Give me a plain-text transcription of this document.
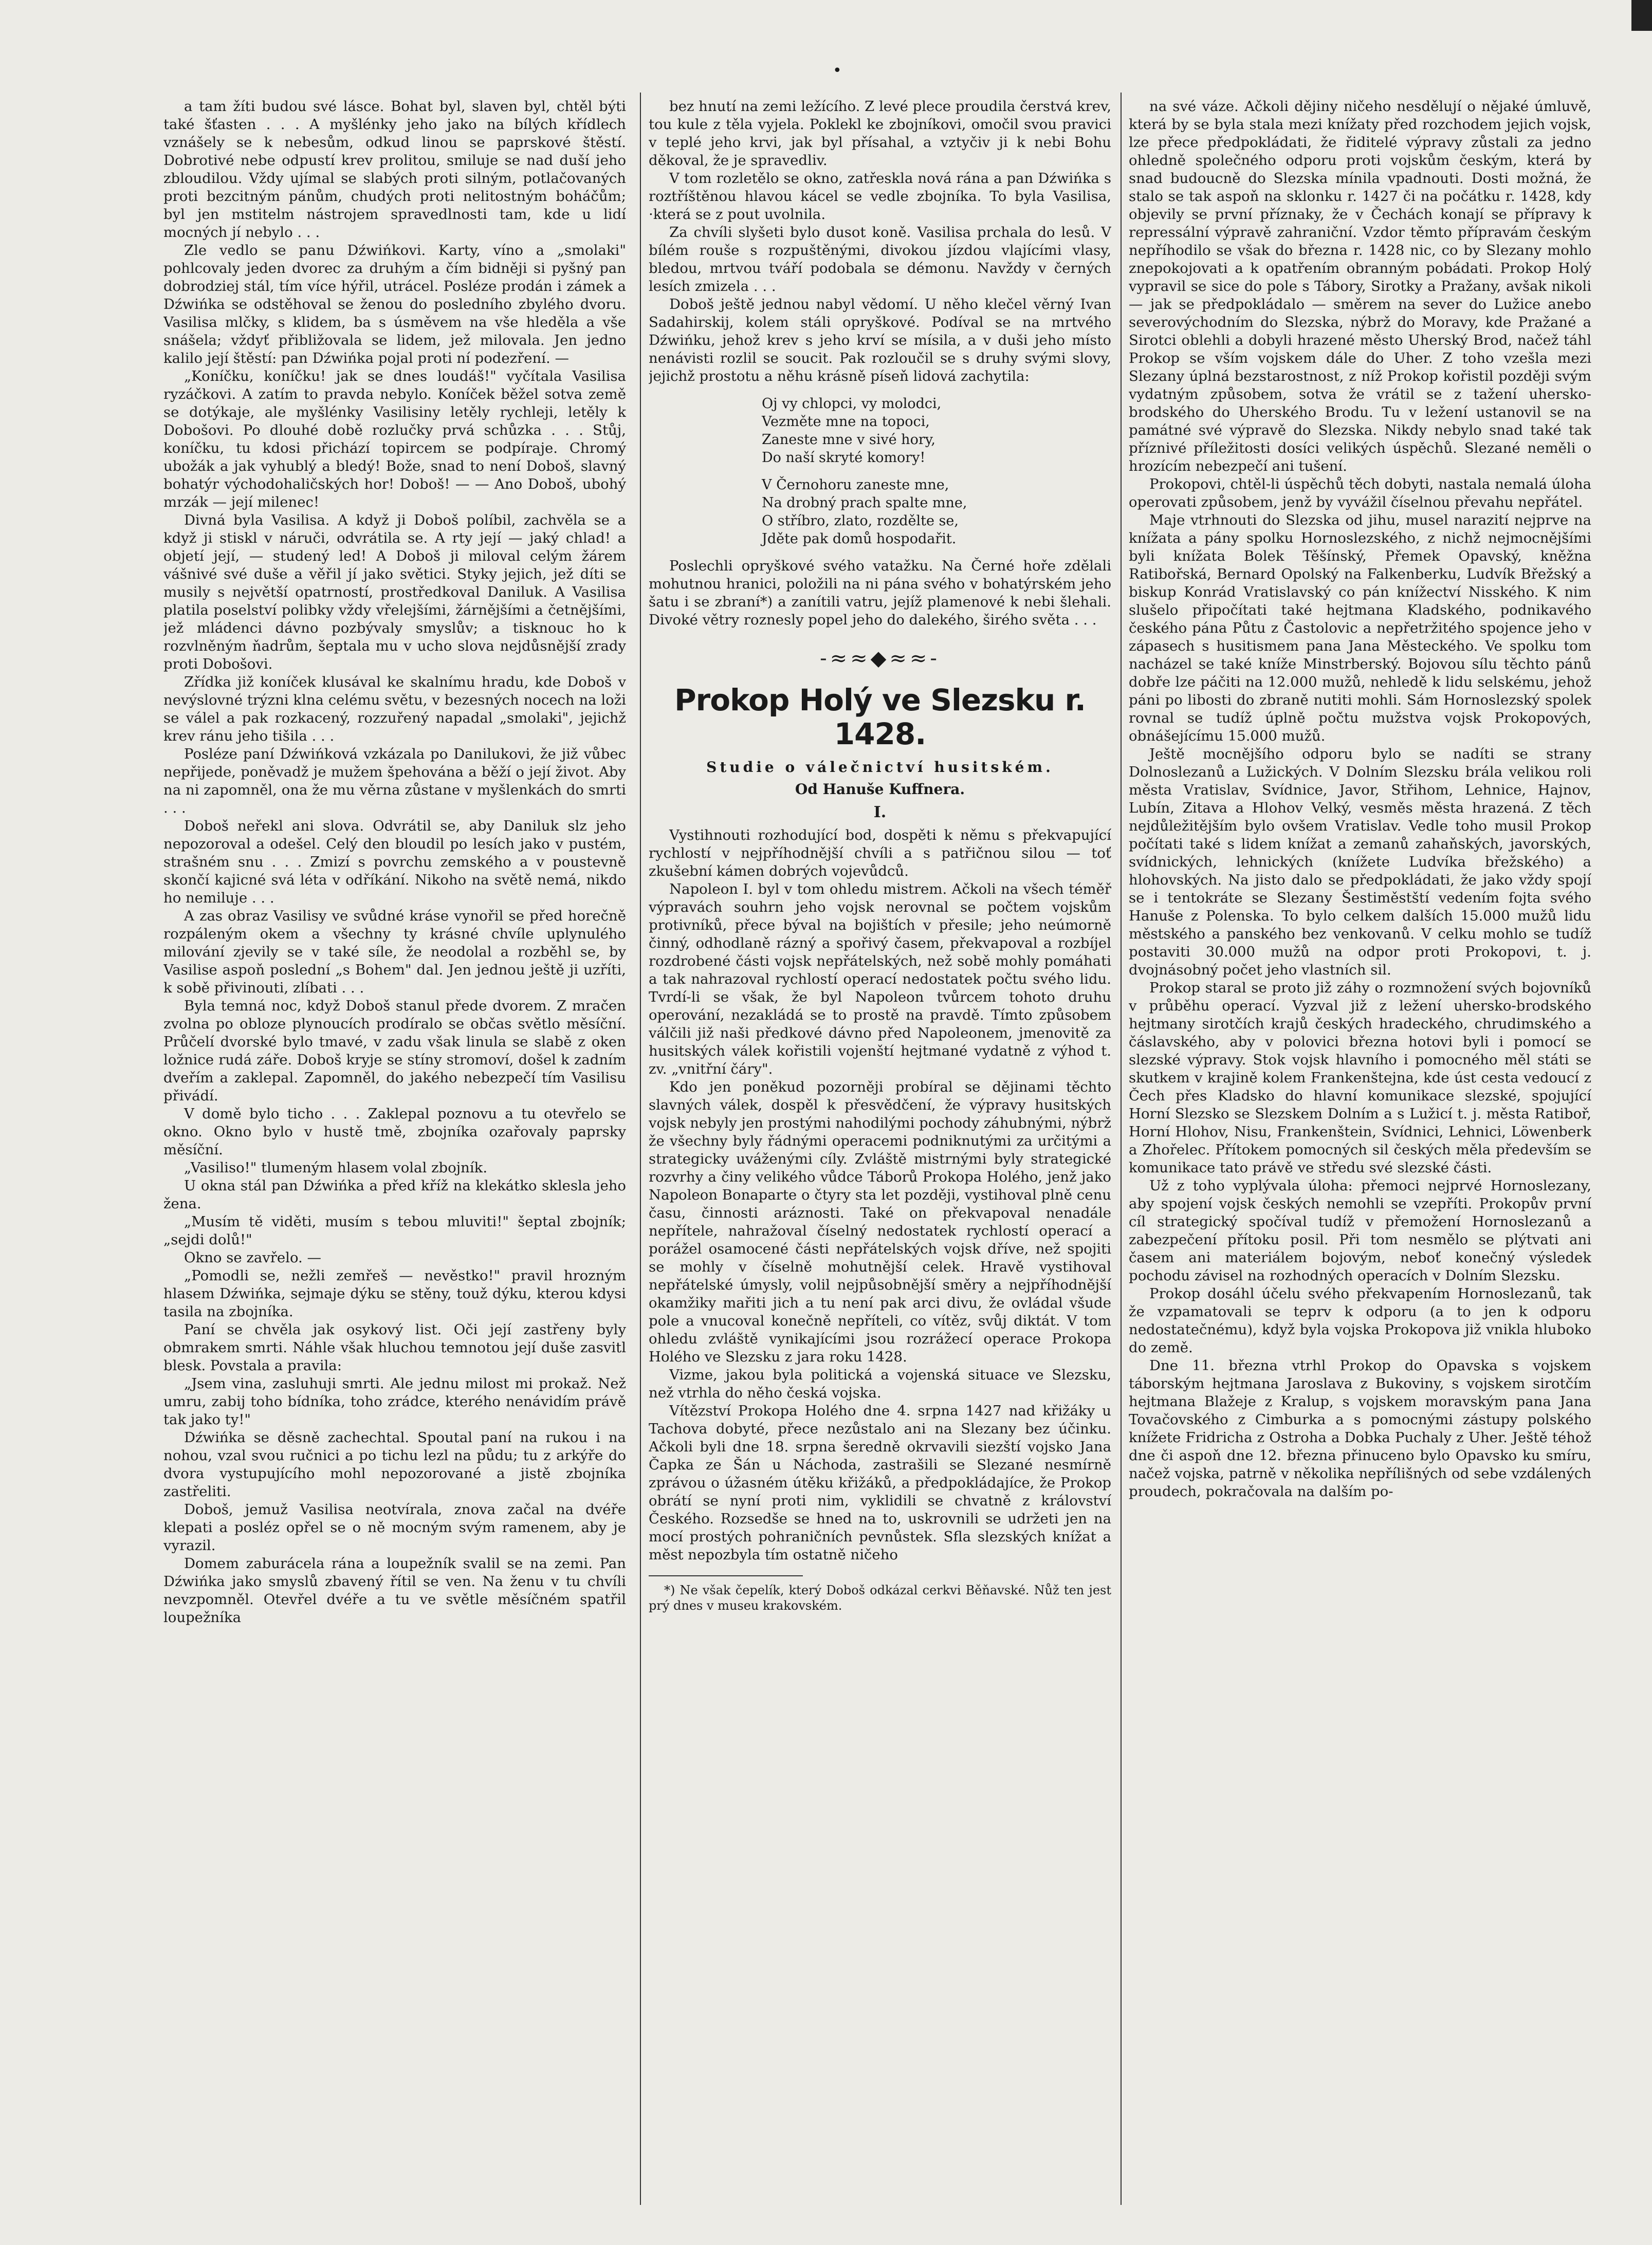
•

a tam žíti budou své lásce. Bohat byl, slaven byl, chtěl býti také šťasten . . . A myšlénky jeho jako na bílých křídlech vznášely se k nebesům, odkud linou se paprskové štěstí. Dobrotivé nebe odpustí krev prolitou, smiluje se nad duší jeho zbloudilou. Vždy ujímal se slabých proti silným, potlačovaných proti bezcitným pánům, chudých proti nelitostným boháčům; byl jen mstitelm nástrojem spravedlnosti tam, kde u lidí mocných jí nebylo . . .

Zle vedlo se panu Dźwińkovi. Karty, víno a „smolaki" pohlcovaly jeden dvorec za druhým a čím bidněji si pyšný pan dobrodziej stál, tím více hýřil, utrácel. Posléze prodán i zámek a Dźwińka se odstěhoval se ženou do posledního zbylého dvoru. Vasilisa mlčky, s klidem, ba s úsměvem na vše hleděla a vše snášela; vždyť přibližovala se lidem, jež milovala. Jen jedno kalilo její štěstí: pan Dźwińka pojal proti ní podezření. —

„Koníčku, koníčku! jak se dnes loudáš!" vyčítala Vasilisa ryzáčkovi. A zatím to pravda nebylo. Koníček běžel sotva země se dotýkaje, ale myšlénky Vasilisiny letěly rychleji, letěly k Dobošovi. Po dlouhé době rozlučky prvá schůzka . . . Stůj, koníčku, tu kdosi přichází topircem se podpíraje. Chromý ubožák a jak vyhublý a bledý! Bože, snad to není Doboš, slavný bohatýr východohaličských hor! Doboš! — — Ano Doboš, ubohý mrzák — její milenec!

Divná byla Vasilisa. A když ji Doboš políbil, zachvěla se a když ji stiskl v náruči, odvrátila se. A rty její — jaký chlad! a objetí její, — studený led! A Doboš ji miloval celým žárem vášnivé své duše a věřil jí jako světici. Styky jejich, jež díti se musily s největší opatrností, prostředkoval Daniluk. A Vasilisa platila poselství polibky vždy vřelejšími, žárnějšími a četnějšími, jež mládenci dávno pozbývaly smyslův; a tisknouc ho k rozvlněným ňadrům, šeptala mu v ucho slova nejdůsnější zrady proti Dobošovi.

Zřídka již koníček klusával ke skalnímu hradu, kde Doboš v nevýslovné trýzni klna celému světu, v bezesných nocech na loži se válel a pak rozkacený, rozzuřený napadal „smolaki", jejichž krev ránu jeho tišila . . .

Posléze paní Dźwińková vzkázala po Danilukovi, že již vůbec nepřijede, poněvadž je mužem špehována a běží o její život. Aby na ni zapomněl, ona že mu věrna zůstane v myšlenkách do smrti . . .

Doboš neřekl ani slova. Odvrátil se, aby Daniluk slz jeho nepozoroval a odešel. Celý den bloudil po lesích jako v pustém, strašném snu . . . Zmizí s povrchu zemského a v poustevně skončí kajicné svá léta v odříkání. Nikoho na světě nemá, nikdo ho nemiluje . . .

A zas obraz Vasilisy ve svůdné kráse vynořil se před horečně rozpáleným okem a všechny ty krásné chvíle uplynulého milování zjevily se v také síle, že neodolal a rozběhl se, by Vasilise aspoň poslední „s Bohem" dal. Jen jednou ještě ji uzříti, k sobě přivinouti, zlíbati . . .

Byla temná noc, když Doboš stanul přede dvorem. Z mračen zvolna po obloze plynoucích prodíralo se občas světlo měsíční. Průčelí dvorské bylo tmavé, v zadu však linula se slabě z oken ložnice rudá záře. Doboš kryje se stíny stromoví, došel k zadním dveřím a zaklepal. Zapomněl, do jakého nebezpečí tím Vasilisu přivádí.

V domě bylo ticho . . . Zaklepal poznovu a tu otevřelo se okno. Okno bylo v hustě tmě, zbojníka ozařovaly paprsky měsíční.

„Vasiliso!" tlumeným hlasem volal zbojník.

U okna stál pan Dźwińka a před kříž na klekátko sklesla jeho žena.

„Musím tě viděti, musím s tebou mluviti!" šeptal zbojník; „sejdi dolů!"

Okno se zavřelo. —

„Pomodli se, nežli zemřeš — nevěstko!" pravil hrozným hlasem Dźwińka, sejmaje dýku se stěny, touž dýku, kterou kdysi tasila na zbojníka.

Paní se chvěla jak osykový list. Oči její zastřeny byly obmrakem smrti. Náhle však hluchou temnotou její duše zasvitl blesk. Povstala a pravila:

„Jsem vina, zasluhuji smrti. Ale jednu milost mi prokaž. Než umru, zabij toho bídníka, toho zrádce, kterého nenávidím právě tak jako ty!"

Dźwińka se děsně zachechtal. Spoutal paní na rukou i na nohou, vzal svou ručnici a po tichu lezl na půdu; tu z arkýře do dvora vystupujícího mohl nepozorované a jistě zbojníka zastřeliti.

Doboš, jemuž Vasilisa neotvírala, znova začal na dvéře klepati a posléz opřel se o ně mocným svým ramenem, aby je vyrazil.

Domem zaburácela rána a loupežník svalil se na zemi. Pan Dźwińka jako smyslů zbavený řítil se ven. Na ženu v tu chvíli nevzpomněl. Otevřel dvéře a tu ve světle měsíčném spatřil loupežníka

bez hnutí na zemi ležícího. Z levé plece proudila čerstvá krev, tou kule z těla vyjela. Poklekl ke zbojníkovi, omočil svou pravici v teplé jeho krvi, jak byl přísahal, a vztyčiv ji k nebi Bohu děkoval, že je spravedliv.

V tom rozletělo se okno, zatřeskla nová rána a pan Dźwińka s roztříštěnou hlavou kácel se vedle zbojníka. To byla Vasilisa, ·která se z pout uvolnila.

Za chvíli slyšeti bylo dusot koně. Vasilisa prchala do lesů. V bílém rouše s rozpuštěnými, divokou jízdou vlajícími vlasy, bledou, mrtvou tváří podobala se démonu. Navždy v černých lesích zmizela . . .

Doboš ještě jednou nabyl vědomí. U něho klečel věrný Ivan Sadahirskij, kolem stáli opryškové. Podíval se na mrtvého Dźwińku, jehož krev s jeho krví se mísila, a v duši jeho místo nenávisti rozlil se soucit. Pak rozloučil se s druhy svými slovy, jejichž prostotu a něhu krásně píseň lidová zachytila:

Oj vy chlopci, vy molodci,

Vezměte mne na topoci,

Zaneste mne v sivé hory,

Do naší skryté komory!

V Černohoru zaneste mne,

Na drobný prach spalte mne,

O stříbro, zlato, rozdělte se,

Jděte pak domů hospodařit.

Poslechli opryškové svého vatažku. Na Černé hoře zdělali mohutnou hranici, položili na ni pána svého v bohatýrském jeho šatu i se zbraní*) a zanítili vatru, jejíž plamenové k nebi šlehali. Divoké větry roznesly popel jeho do dalekého, širého světa . . .

-≈≈◆≈≈-
Prokop Holý ve Slezsku r. 1428.
Studie o válečnictví husitském.
Od Hanuše Kuffnera.
I.

Vystihnouti rozhodující bod, dospěti k němu s překvapující rychlostí v nejpříhodnější chvíli a s patřičnou silou — toť zkušební kámen dobrých vojevůdců.

Napoleon I. byl v tom ohledu mistrem. Ačkoli na všech téměř výpravách souhrn jeho vojsk nerovnal se počtem vojskům protivníků, přece býval na bojištích v přesile; jeho neúmorně činný, odhodlaně rázný a spořivý časem, překvapoval a rozbíjel rozdrobené části vojsk nepřátelských, než sobě mohly pomáhati a tak nahrazoval rychlostí operací nedostatek počtu svého lidu. Tvrdí-li se však, že byl Napoleon tvůrcem tohoto druhu operování, nezakládá se to prostě na pravdě. Tímto způsobem válčili již naši předkové dávno před Napoleonem, jmenovitě za husitských válek kořistili vojenští hejtmané vydatně z výhod t. zv. „vnitřní čáry".

Kdo jen poněkud pozorněji probíral se dějinami těchto slavných válek, dospěl k přesvědčení, že výpravy husitských vojsk nebyly jen prostými nahodilými pochody záhubnými, nýbrž že všechny byly řádnými operacemi podniknutými za určitými a strategicky uváženými cíly. Zvláště mistrnými byly strategické rozvrhy a činy velikého vůdce Táborů Prokopa Holého, jenž jako Napoleon Bonaparte o čtyry sta let později, vystihoval plně cenu času, činnosti aráznosti. Také on překvapoval nenadále nepřítele, nahražoval číselný nedostatek rychlostí operací a porážel osamocené části nepřátelských vojsk dříve, než spojiti se mohly v číselně mohutnější celek. Hravě vystihoval nepřátelské úmysly, volil nejpůsobnější směry a nejpříhodnější okamžiky mařiti jich a tu není pak arci divu, že ovládal všude pole a vnucoval konečně nepříteli, co vítěz, svůj diktát. V tom ohledu zvláště vynikajícími jsou rozrážecí operace Prokopa Holého ve Slezsku z jara roku 1428.

Vizme, jakou byla politická a vojenská situace ve Slezsku, než vtrhla do něho česká vojska.

Vítězství Prokopa Holého dne 4. srpna 1427 nad křižáky u Tachova dobyté, přece nezůstalo ani na Slezany bez účinku. Ačkoli byli dne 18. srpna šeredně okrvavili siezští vojsko Jana Čapka ze Šán u Náchoda, zastrašili se Slezané nesmírně zprávou o úžasném útěku křižáků, a předpokládajíce, že Prokop obrátí se nyní proti nim, vyklidili se chvatně z království Českého. Rozsedše se hned na to, uskrovnili se udržeti jen na mocí prostých pohraničních pevnůstek. Sfla slezských knížat a měst nepozbyla tím ostatně ničeho

*) Ne však čepelík, který Doboš odkázal cerkvi Běňavské. Nůž ten jest prý dnes v museu krakovském.

na své váze. Ačkoli dějiny ničeho nesdělují o nějaké úmluvě, která by se byla stala mezi knížaty před rozchodem jejich vojsk, lze přece předpokládati, že řiditelé výpravy zůstali za jedno ohledně společného odporu proti vojskům českým, která by snad budoucně do Slezska mínila vpadnouti. Dosti možná, že stalo se tak aspoň na sklonku r. 1427 či na počátku r. 1428, kdy objevily se první příznaky, že v Čechách konají se přípravy k repressální výpravě zahraniční. Vzdor těmto přípravám českým nepříhodilo se však do března r. 1428 nic, co by Slezany mohlo znepokojovati a k opatřením obranným pobádati. Prokop Holý vypravil se sice do pole s Tábory, Sirotky a Pražany, avšak nikoli — jak se předpokládalo — směrem na sever do Lužice anebo severovýchodním do Slezska, nýbrž do Moravy, kde Pražané a Sirotci oblehli a dobyli hrazené město Uherský Brod, načež táhl Prokop se vším vojskem dále do Uher. Z toho vzešla mezi Slezany úplná bezstarostnost, z níž Prokop kořistil později svým vydatným způsobem, sotva že vrátil se z tažení uhersko-brodského do Uherského Brodu. Tu v ležení ustanovil se na památné své výpravě do Slezska. Nikdy nebylo snad také tak příznivé příležitosti dosíci velikých úspěchů. Slezané neměli o hrozícím nebezpečí ani tušení.

Prokopovi, chtěl-li úspěchů těch dobyti, nastala nemalá úloha operovati způsobem, jenž by vyvážil číselnou převahu nepřátel.

Maje vtrhnouti do Slezska od jihu, musel narazití nejprve na knížata a pány spolku Hornoslezského, z nichž nejmocnějšími byli knížata Bolek Těšínský, Přemek Opavský, kněžna Ratibořská, Bernard Opolský na Falkenberku, Ludvík Břežský a biskup Konrád Vratislavský co pán knížectví Nisského. K nim slušelo připočítati také hejtmana Kladského, podnikavého českého pána Půtu z Častolovic a nepřetržitého spojence jeho v zápasech s husitismem pana Jana Městeckého. Ve spolku tom nacházel se také kníže Minstrberský. Bojovou sílu těchto pánů dobře lze páčiti na 12.000 mužů, nehledě k lidu selskému, jehož páni po libosti do zbraně nutiti mohli. Sám Hornoslezský spolek rovnal se tudíž úplně počtu mužstva vojsk Prokopových, obnášejícímu 15.000 mužů.

Ještě mocnějšího odporu bylo se nadíti se strany Dolnoslezanů a Lužických. V Dolním Slezsku brála velikou roli města Vratislav, Svídnice, Javor, Střihom, Lehnice, Hajnov, Lubín, Zitava a Hlohov Velký, vesměs města hrazená. Z těch nejdůležitějším bylo ovšem Vratislav. Vedle toho musil Prokop počítati také s lidem knížat a zemanů zahaňských, javorských, svídnických, lehnických (knížete Ludvíka břežského) a hlohovských. Na jisto dalo se předpokládati, že jako vždy spojí se i tentokráte se Slezany Šestiměstští vedením fojta svého Hanuše z Polenska. To bylo celkem dalších 15.000 mužů lidu městského a panského bez venkovanů. V celku mohlo se tudíž postaviti 30.000 mužů na odpor proti Prokopovi, t. j. dvojnásobný počet jeho vlastních sil.

Prokop staral se proto již záhy o rozmnožení svých bojovníků v průběhu operací. Vyzval již z ležení uhersko-brodského hejtmany sirotčích krajů českých hradeckého, chrudimského a čáslavského, aby v polovici března hotovi byli i pomocí se slezské výpravy. Stok vojsk hlavního i pomocného měl státi se skutkem v krajině kolem Frankenštejna, kde úst cesta vedoucí z Čech přes Kladsko do hlavní komunikace slezské, spojující Horní Slezsko se Slezskem Dolním a s Lužicí t. j. města Ratiboř, Horní Hlohov, Nisu, Frankenštein, Svídnici, Lehnici, Löwenberk a Zhořelec. Přítokem pomocných sil českých měla především se komunikace tato právě ve středu své slezské části.

Už z toho vyplývala úloha: přemoci nejprvé Hornoslezany, aby spojení vojsk českých nemohli se vzepříti. Prokopův první cíl strategický spočíval tudíž v přemožení Hornoslezanů a zabezpečení přítoku posil. Při tom nesmělo se plýtvati ani časem ani materiálem bojovým, neboť konečný výsledek pochodu závisel na rozhodných operacích v Dolním Slezsku.

Prokop dosáhl účelu svého překvapením Hornoslezanů, tak že vzpamatovali se teprv k odporu (a to jen k odporu nedostatečnému), když byla vojska Prokopova již vnikla hluboko do země.

Dne 11. března vtrhl Prokop do Opavska s vojskem táborským hejtmana Jaroslava z Bukoviny, s vojskem sirotčím hejtmana Blažeje z Kralup, s vojskem moravským pana Jana Tovačovského z Cimburka a s pomocnými zástupy polského knížete Fridricha z Ostroha a Dobka Puchaly z Uher. Ještě téhož dne či aspoň dne 12. března přinuceno bylo Opavsko ku smíru, načež vojska, patrně v několika nepřílišných od sebe vzdálených proudech, pokračovala na dalším po-
